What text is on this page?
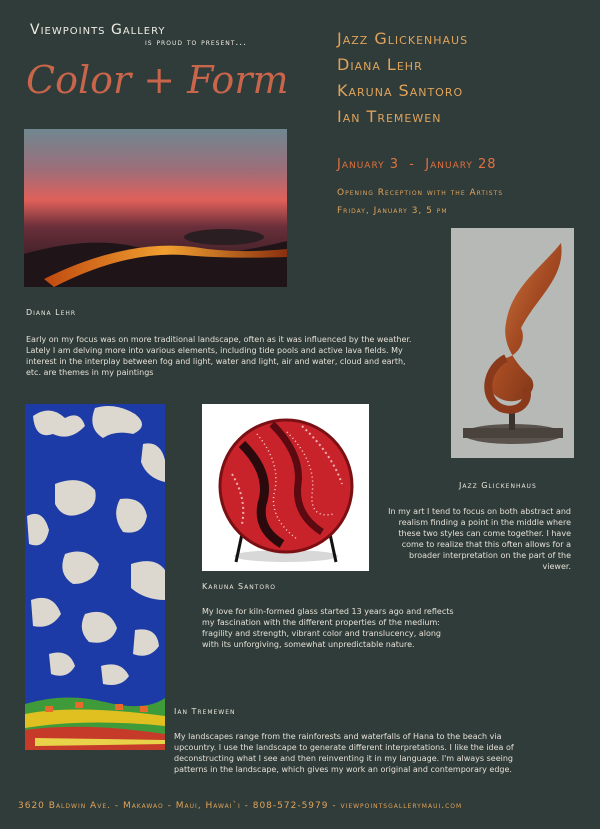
Viewpoints Gallery
is proud to present...
Color + Form
Jazz Glickenhaus
Diana Lehr
Karuna Santoro
Ian Tremewen
January 3  -  January 28
Opening Reception with the Artists
Friday, January 3, 5 pm
Diana Lehr
Early on my focus was on more traditional landscape, often as it was influenced by the weather. Lately I am delving more into various elements, including tide pools and active lava fields. My interest in the interplay between fog and light, water and light, air and water, cloud and earth, etc. are themes in my paintings
Jazz Glickenhaus
In my art I tend to focus on both abstract and realism finding a point in the middle where these two styles can come together. I have come to realize that this often allows for a broader interpretation on the part of the viewer.
Karuna Santoro
My love for kiln-formed glass started 13 years ago and reflects my fascination with the different properties of the medium: fragility and strength, vibrant color and translucency, along with its unforgiving, somewhat unpredictable nature.
Ian Tremewen
My landscapes range from the rainforests and waterfalls of Hana to the beach via upcountry. I use the landscape to generate different interpretations. I like the idea of deconstructing what I see and then reinventing it in my language. I'm always seeing patterns in the landscape, which gives my work an original and contemporary edge.
3620 Baldwin Ave. - Makawao - Maui, Hawai`i - 808-572-5979 - viewpointsgallerymaui.com
